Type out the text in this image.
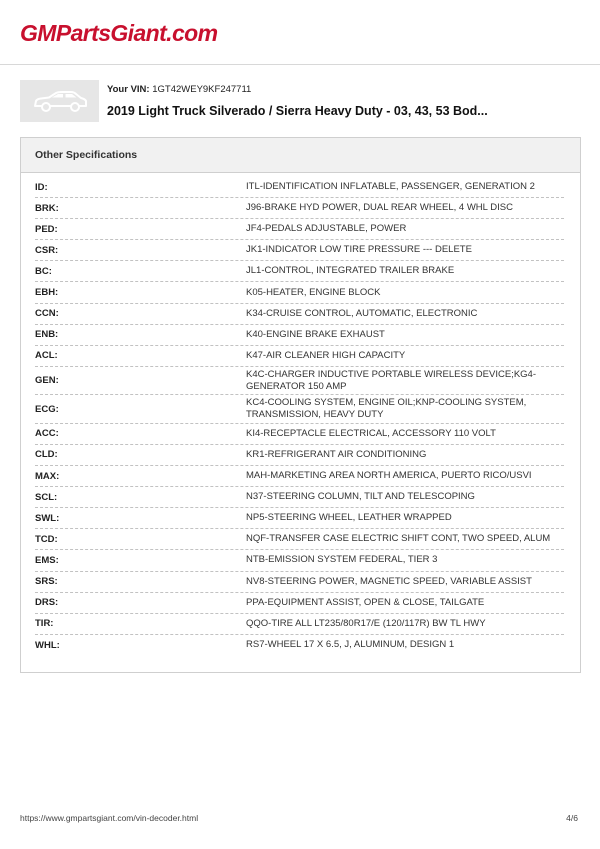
GMPartsGiant.com
Your VIN: 1GT42WEY9KF247711
2019 Light Truck Silverado / Sierra Heavy Duty - 03, 43, 53 Bod...
Other Specifications
ID:	ITL-IDENTIFICATION INFLATABLE, PASSENGER, GENERATION 2
BRK:	J96-BRAKE HYD POWER, DUAL REAR WHEEL, 4 WHL DISC
PED:	JF4-PEDALS ADJUSTABLE, POWER
CSR:	JK1-INDICATOR LOW TIRE PRESSURE --- DELETE
BC:	JL1-CONTROL, INTEGRATED TRAILER BRAKE
EBH:	K05-HEATER, ENGINE BLOCK
CCN:	K34-CRUISE CONTROL, AUTOMATIC, ELECTRONIC
ENB:	K40-ENGINE BRAKE EXHAUST
ACL:	K47-AIR CLEANER HIGH CAPACITY
GEN:
K4C-CHARGER INDUCTIVE PORTABLE WIRELESS DEVICE;KG4-GENERATOR 150 AMP
ECG:
KC4-COOLING SYSTEM, ENGINE OIL;KNP-COOLING SYSTEM, TRANSMISSION, HEAVY DUTY
ACC:	KI4-RECEPTACLE ELECTRICAL, ACCESSORY 110 VOLT
CLD:	KR1-REFRIGERANT AIR CONDITIONING
MAX:	MAH-MARKETING AREA NORTH AMERICA, PUERTO RICO/USVI
SCL:	N37-STEERING COLUMN, TILT AND TELESCOPING
SWL:	NP5-STEERING WHEEL, LEATHER WRAPPED
TCD:	NQF-TRANSFER CASE ELECTRIC SHIFT CONT, TWO SPEED, ALUM
EMS:	NTB-EMISSION SYSTEM FEDERAL, TIER 3
SRS:	NV8-STEERING POWER, MAGNETIC SPEED, VARIABLE ASSIST
DRS:	PPA-EQUIPMENT ASSIST, OPEN & CLOSE, TAILGATE
TIR:	QQO-TIRE ALL LT235/80R17/E (120/117R) BW TL HWY
WHL:	RS7-WHEEL 17 X 6.5, J, ALUMINUM, DESIGN 1
https://www.gmpartsgiant.com/vin-decoder.html	4/6
